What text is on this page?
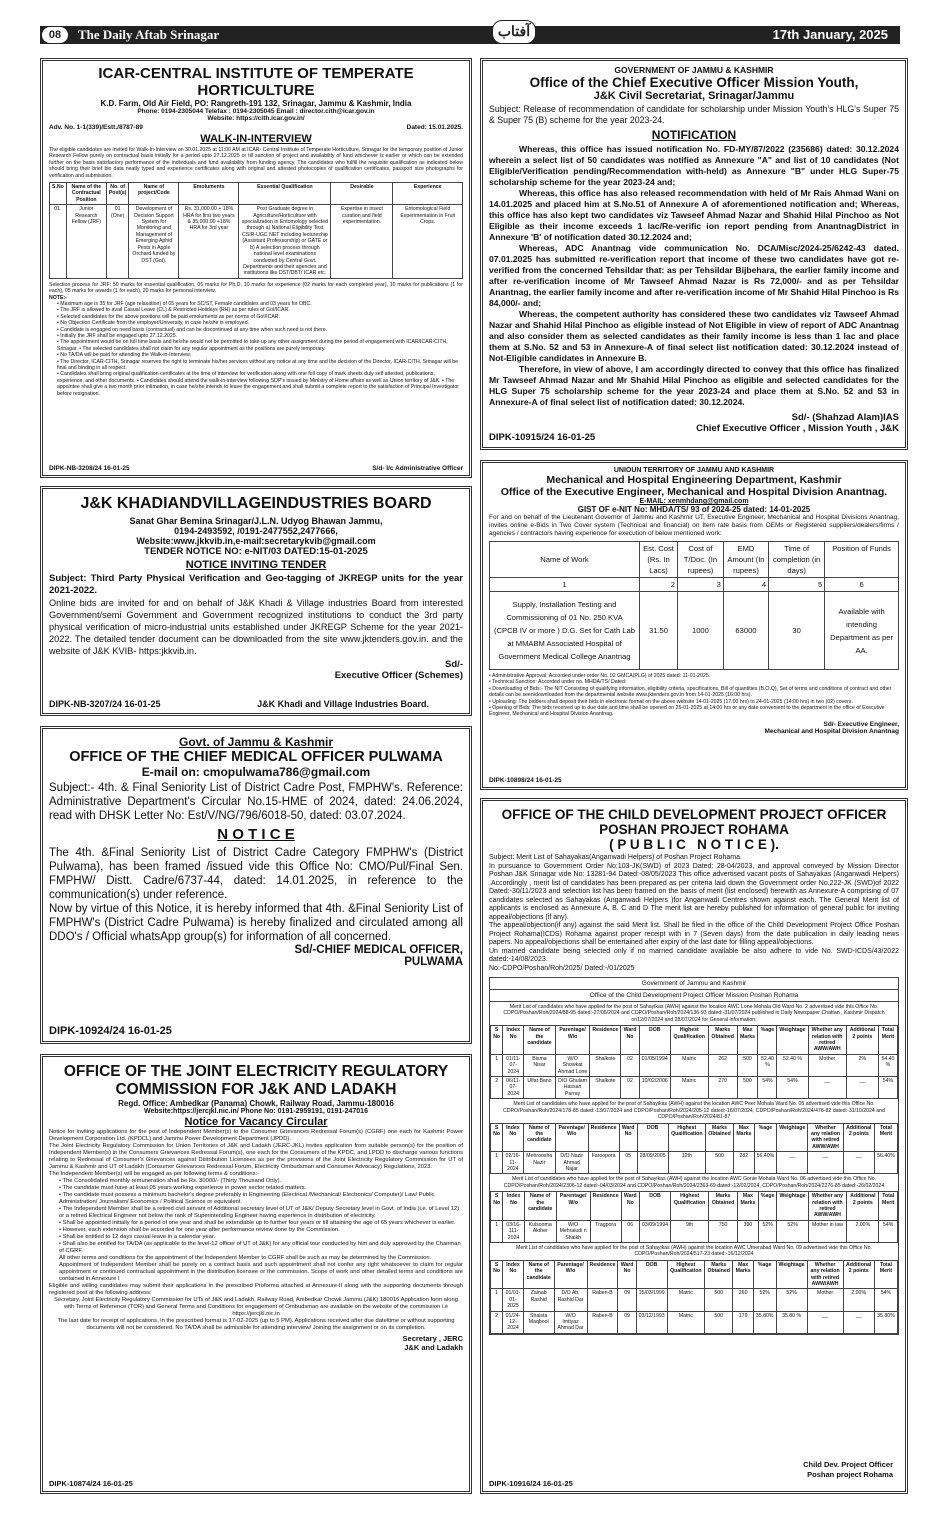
08	The Daily Aftab Srinagar	آفتاب	17th January, 2025
ICAR-CENTRAL INSTITUTE OF TEMPERATE HORTICULTURE
K.D. Farm, Old Air Field, PO: Rangreth-191 132, Srinagar, Jammu & Kashmir, India
Phone: 0194-2305044 Telefax : 0194-2305045 Email : director.cith@icar.gov.in
Website: https://cith.icar.gov.in/
Adv. No. 1-1(339)/Estt./8787-89	Dated: 15.01.2025.
WALK-IN-INTERVIEW
The eligible candidates are invited for Walk-In-Interview on 30.01.2025 at 11:00 AM at ICAR- Central Institute of Temperate Horticulture, Srinagar for the temporary position of Junior Research Fellow purely on contractual basis initially for a period upto 27.12.2025 or till sanction of project and availability of fund whichever is earlier or which can be extended further on the basis satisfactory performance of the individuals and fund availability from funding agency. The candidates who fulfill the requisite qualification as indicated below should bring their brief bio data neatly typed and experience certificates along with original and attested photocopies of qualification certificates, passport size photographs for verification and submission.
S.No	Name of the Contractual Position	No. of Post(s)	Name of project/Code	Emoluments	Essential Qualification	Desirable	Experience
01.	Junior Research Fellow (JRF)	01 (One)	Development of Decision Support System for Monitoring and Management of Emerging Aphid Pests in Apple Orchard funded by DST (GoI).	Rs. 31,000.00 + 18% HRA for first two years & 35,000.00 +18% HRA for 3rd year	Post Graduate degree in Agriculture/Horticulture with specialization in Entomology selected through a) National Eligibility Test CSIR-UGC NET including lectureship (Assistant Professorship) or GATE or b) A selection process through national level examinations conducted by Central Govt. Departments and their agencies and institutions like DST/DBT/ ICAR etc.	Expertise in insect curation and field experimentation.	Entomological Field Experimentation in Fruit Crops.
Selection process for JRF: 50 marks for essential qualification, 05 marks for Ph.D, 10 marks for experience (02 marks for each completed year), 10 marks for publications (1 for each), 05 marks for awards (1 for each), 20 marks for personal interview.
NOTE:-
• Maximum age is 35 for JRF (age relaxation) of 05 years for SC/ST, Female candidates and 03 years for OBC.
• The JRF is allowed to avail Casual Leave (CL) & Restricted Holidays (RH) as per rules of GoI/ICAR.
• Selected candidates for the above positions will be paid emoluments as per norms of GoI/ICAR.
• No Objection Certificate from the employer/University, in case he/she is employed.
• Candidate is engaged on need basis (contractual) and can be discontinued at any time when such need is not there.
• Initially the JRF shall be engaged upto 27.12.2025.
• The appointment would be on full time basis and he/she would not be permitted to take up any other assignment during the period of engagement with ICAR/ICAR-CITH, Srinagar. • The selected candidates shall not claim for any regular appointment as the positions are purely temporary.
• No TA/DA will be paid for attending the Walk-in-Interview.
• The Director, ICAR-CITH, Srinagar reserves the right to terminate his/her services without any notice at any time and the decision of the Director, ICAR-CITH, Srinagar will be final and binding in all respect.
• Candidates shall bring original qualification certificates at the time of interview for verification along with one full copy of mark sheets duly self attested, publications, experience, and other documents. • Candidates should attend the walk-in-interview following SOP's issued by Ministry of Home affairs as well as Union territory of J&K. • The appointee shall give a two month prior intimation, in case he/she intends to leave the engagement and shall submit a complete report to the satisfaction of Principal Investigator before resignation.
DIPK-NB-3208/24 16-01-25	S/d- I/c Administrative Officer
J&K KHADIANDVILLAGEINDUSTRIES BOARD
Sanat Ghar Bemina Srinagar/J.L.N. Udyog Bhawan Jammu,
0194-2493592, /0191-2477552,2477666,
Website:www.jkkvib.in,e-mail:secretarykvib@gmail.com
TENDER NOTICE NO: e-NIT/03 DATED:15-01-2025
NOTICE INVITING TENDER
Subject: Third Party Physical Verification and Geo-tagging of JKREGP units for the year 2021-2022.
Online bids are invited for and on behalf of J&K Khadi & Village industries Board from interested Government/semi Government and Government recognized institutions to conduct the 3rd party physical verification of micro-industrial units established under JKREGP Scheme for the year 2021-2022. The detailed tender document can be downloaded from the site www.jktenders.gov.in. and the website of J&K KVIB- https:jkkvib.in.
Sd/-
Executive Officer (Schemes)
DIPK-NB-3207/24 16-01-25	J&K Khadi and Village Industries Board.
Govt. of Jammu & Kashmir
OFFICE OF THE CHIEF MEDICAL OFFICER PULWAMA
E-mail on: cmopulwama786@gmail.com
Subject:- 4th. & Final Seniority List of District Cadre Post, FMPHW's. Reference: Administrative Department's Circular No.15-HME of 2024, dated: 24.06.2024, read with DHSK Letter No: Est/V/NG/796/6018-50, dated: 03.07.2024.
N O T I C E
The 4th. &Final Seniority List of District Cadre Category FMPHW's (District Pulwama), has been framed /issued vide this Office No: CMO/Pul/Final Sen. FMPHW/ Distt. Cadre/6737-44, dated: 14.01.2025, in reference to the communication(s) under reference.
Now by virtue of this Notice, it is hereby informed that 4th. &Final Seniority List of FMPHW's (District Cadre Pulwama) is hereby finalized and circulated among all DDO's / Official whatsApp group(s) for information of all concerned.
Sd/-CHIEF MEDICAL OFFICER,
PULWAMA
DIPK-10924/24 16-01-25
OFFICE OF THE JOINT ELECTRICITY REGULATORY
COMMISSION FOR J&K AND LADAKH
Regd. Office: Ambedkar (Panama) Chowk, Railway Road, Jammu-180016
Website:https://jercjkl.nic.in/ Phone No: 0191-2959191, 0191-247016
Notice for Vacancy Circular
Notice for inviting applications for the post of Independent Member(s) to the Consumer Grievances Redressal Forum(s) (CGRF) one each for Kashmir Power Development Corporation Ltd. (KPDCL) and Jammu Power Development Department (JPDD).
The Joint Electricity Regulatory Commission for Union Territories of J&K and Ladakh (JERC-JKL) invites application from suitable person(s) for the position of Independent Member(s) in the Consumers Grievances Redressal Forum(s), one each for the Consumers of the KPDC, and LPDD to discharge various functions relating to Redressal of Consumer's Grievances against Distribution Licensees as per the provisions of the Joint Electricity Regulatory Commission for UT of Jammu & Kashmir and UT of Ladakh (Consumer Grievances Redressal Forum, Electricity Ombudsman and Consumer Advocacy) Regulations, 2023.
The Independent Member(s) will be engaged as per following terms & conditions:-
• The Consolidated monthly remuneration shall be Rs. 30000/- (Thirty Thousand Only).
• The candidate must have at least 05 years working experience in power sector related matters.
• The candidate must possess a minimum bachelor's degree preferably in Engineering (Electrical /Mechanical/ Electronics/ Computer)/ Law/ Public Administration/ Journalism/ Economics / Political Science or equivalent.
• The Independent Member shall be a retired civil servant of Additional secretary level of UT of J&K/ Deputy Secretary level in Govt. of India (i.e. of Level 12) or a retired Electrical Engineer not below the rank of Superintending Engineer having experience in distribution of electricity.
• Shall be appointed initially for a period of one year and shall be extendable up to further four years or till attaining the age of 65 years whichever is earlier.
• However, each extension shall be accorded for one year after performance review done by the Commission.
• Shall be entitled to 12 days casual leave in a calendar year.
• Shall also be entitled for TA/DA (as applicable to the level-12 officer of UT of J&K) for any official tour conducted by him and duly approved by the Chairman of CGRF.
All other terms and conditions for the appointment of the Independent Member to CGRF shall be such as may be determined by the Commission.
Appointment of Independent Member shall be purely on a contract basis and such appointment shall not confer any right whatsoever to claim for regular appointment or continued contractual appointment in the distribution licensee or the commission. Scope of work and other detailed terms and conditions are contained in Annexure I
Eligible and willing candidates may submit their applications in the prescribed Proforma attached at Annexure-II along with the supporting documents through registered post at the following address:
Secretary, Joint Electricity Regulatory Commission for UTs of J&K and Ladakh, Railway Road, Ambedkar Chowk Jammu (J&K) 180016 Application form along with Terms of Reference (TOR) and General Terms and Conditions for engagement of Ombudsman are available on the website of the commission i.e https://jercjkl.nic.in
The last date for receipt of applications, in the prescribed format is 17-02-2025 (up to 5 PM). Applications received after due dateltime or without supporting documents will not be considered. No TA/DA shall be admissible for attending interview/ Joining the assignment or on its completion.
Secretary , JERC
J&K and Ladakh
DIPK-10874/24 16-01-25
GOVERNMENT OF JAMMU & KASHMIR
Office of the Chief Executive Officer Mission Youth,
J&K Civil Secretariat, Srinagar/Jammu
Subject: Release of recommendation of candidate for scholarship under Mission Youth's HLG's Super 75 & Super 75 (B) scheme for the year 2023-24.
NOTIFICATION
Whereas, this office has issued notification No. FD-MY/87/2022 (235686) dated: 30.12.2024 wherein a select list of 50 candidates was notified as Annexure "A" and list of 10 candidates (Not Eligible/Verification pending/Recommendation with-held) as Annexure "B" under HLG Super-75 scholarship scheme for the year 2023-24 and;
Whereas, this office has also released recommendation with held of Mr Rais Ahmad Wani on 14.01.2025 and placed him at S.No.51 of Annexure A of aforementioned notification and; Whereas, this office has also kept two candidates viz Tawseef Ahmad Nazar and Shahid Hilal Pinchoo as Not Eligible as their income exceeds 1 lac/Re-verific ion report pending from AnantnagDistrict in Annexure 'B' of notification dated 30.12.2024 and;
Whereas, ADC Anantnag vide communication No. DCA/Misc/2024-25/6242-43 dated. 07.01.2025 has submitted re-verification report that income of these two candidates have got re-verified from the concerned Tehsildar that: as per Tehsildar Bijbehara, the earlier family income and after re-verification income of Mr Tawseef Ahmad Nazar is Rs 72,000/- and as per Tehsildar Anantnag, the earlier family income and after re-verification income of Mr Shahid Hilal Pinchoo is Rs 84,000/- and;
Whereas, the competent authority has considered these two candidates viz Tawseef Ahmad Nazar and Shahid Hilal Pinchoo as eligible instead of Not Eligible in view of report of ADC Anantnag and also consider them as selected candidates as their family income is less than 1 lac and place them at S.No. 52 and 53 in Annexure-A of final select list notification dated: 30.12.2024 instead of Not-Eligible candidates in Annexure B.
Therefore, in view of above, I am accordingly directed to convey that this office has finalized Mr Tawseef Ahmad Nazar and Mr Shahid Hilal Pinchoo as eligible and selected candidates for the HLG Super 75 scholarship scheme for the year 2023-24 and place them at S.No. 52 and 53 in Annexure-A of final select list of notification dated: 30.12.2024.
Sd/- (Shahzad Alam)IAS
Chief Executive Officer , Mission Youth , J&K
DIPK-10915/24 16-01-25
UNIOUN TERRITORY OF JAMMU AND KASHMIR
Mechanical and Hospital Engineering Department, Kashmir
Office of the Executive Engineer, Mechanical and Hospital Division Anantnag.
E-MAIL: xenmhdang@gmail.com
GIST OF e-NIT No: MHDA/TS/ 93 of 2024-25 dated: 14-01-2025
For and on behalf of the Lieutenant Governor of Jammu and Kashmir UT, Executive Engineer, Mechanical and Hospital Divisions Anantnag, invites online e-Bids in Two Cover system (Technical and financial) on Item rate basis from OEMs or Registered suppliers/dealers/firms / agencies / contractors having experience for execution of below mentioned work:
Name of Work	Est. Cost (Rs. In Lacs)	Cost of T/Doc. (In rupees)	EMD Amount (In rupees)	Time of completion (in days)	Position of Funds
1	2	3	4	5	6
Supply, Installation Testing and Commissioning of 01 No. 250 KVA (CPCB IV or more ) D.G. Set for Cath Lab at MMABM Associated Hospital of Government Medical College Anantnag	31.50	1000	63000	30	Available with intending Department as per AA.
• Administrative Approval: Accorded under order No. 02 GMCA(PLG) of 2025 dated: 11-01-2025.
• Technical Sanction: Accorded under no. MHDA/TS/ Dated:
• Downloading of Bids:- The NIT Consisting of qualifying information, eligibility criteria, specifications, Bill of quantities (B.O.Q), Set of terms and conditions of contract and other details can be seen/downloaded from the departmental website www.jktenders.gov.in from 14-01-2025 (16:00 hrs).
• Uploading: The bidders shall deposit their bids in electronic format on the above website 14-01-2025 (17:00 hrs) to 24-01-2025 (14:00 hrs) in two (02) covers.
• Opening of Bids: The bids received up to due date and time shall be opened on 25-01-2025 at 14:00 hrs or any date convenient to the department in the office of Executive Engineer, Mechanical and Hospital Division Anantnag.
Sd/- Executive Engineer,
Mechanical and Hospital Division Anantnag
DIPK-10898/24 16-01-25
OFFICE OF THE CHILD DEVELOPMENT PROJECT OFFICER
POSHAN PROJECT ROHAMA
( P U B L I C   N O T I C E ).
Subject: Merit List of Sahayakas(Anganwadi Helpers) of Poshan Project Rohama.
In pursuance to Government Order No:103-JK(SWD) of 2023 Dated: 28-04/2023, and approval conveyed by Mission Director Poshan J&K Srinagar vide No: 13281-94 Dated:-08/05/2023 This office advertised vacant posts of Sahayakas (Anganwadi Helpers) .Accordingly , merit list of candidates has been prepared as per criteria laid down the Government order No.222-JK (SWD)of 2022 Dated:-30/11/2023 and selection list has been framed on the basis of merit (list enclosed) herewith as Annexure-A comprising of 07 candidates selected as Sahayakas (Anganwadi Helpers )for Anganwadi Centres shown against each. The General Merit list of applicants is enclosed as Annexure A, B. C and D The merit list are hereby published for information of general public for inviting appeal/objections (if any).
The appeal/objection(if any) against the said Merit list. Shall be filed in the office of the Child Development Project Office Poshan Project Rohama(ICDS) Rohama against proper receipt with in 7 (Seven days) from the date publication in daily leading news papers. No appeal/objections shall be entertained after expiry of the last date for filling appeal/objections.
Un married candidate being selected only if no married candidate available be also adhere to vide No. SWD-ICDS/43/2022 dated:-14/08/2023.
No:-CDPO/Poshan/Roh/2025/ Dated:-/01/2025
Government of Jammu and Kashmir
Office of the Child Development Project Officer Mission Poshan Rohama
Merit List of candidates who have applied for the post of Sahayikas (AWH) against the location AWC Lone Mohala Old Ward No. 2 advertised vide this Office No. CDPO/Poshan/Roh/2024/88-95 dated:-27/06/2024 and CDPO/Poshan/Roh/2024/136-93 dated:-31/07/2024 published in Daily Newspaper Chattan , Kashmir Dispatch on12/07/2024 and 28/07/2024 for General information.
S No	Index No	Name of the candidate	Parentage/ W/o	Residence	Ward No	DOB	Highest Qualification	Marks Obtained	Max Marks	%age	Weightage	Whether any relation with retired AWW/AWH	Additional 2 points	Total Merit
1	01/11-07-2024	Bisma Nisar	W/O Showkat Ahmad Lone	Shalkote	02	01/05/1994	Matric	262	500	52.40 %	52.40 %	Mother	2%	54.40 %
2	06/11-07-2024	Ulfat Bano	D/O Ghulam Hassan Parray	Shalkote	02	10/02/2006	Matric	270	500	54%	54%	__	__	54%
Merit List of candidates who have applied for the post of Sahayikas (AWH) against the location AWC Peer Mohala Ward No. 05 advertised vide this Office No. CDPO/Poshan/Roh/2024/178-85 dated:-13/07/2024 and CDPO/Poshan/Roh/2024/205-12 dated:-16/07/2024, CDPO/Poshan/Roh/2024/476-82 dated:-31/10/2024 and CDPO/Poshan/Roh/2024/81-87
S No	Index No	Name of the candidate	Parentage/ W/o	Residence	Ward No	DOB	Highest Qualification	Marks Obtained	Max Marks	%age	Weightage	Whether any relation with retired AWW/AWH	Additional 2 points	Total Merit
1	02/16-11-2024	Mehroosha Nazir	D/O Nazir Ahmad Najar	Faroopora	05	28/09/2005	12th	500	282	56.40%	__	__	__	56.40%
Merit List of candidates who have applied for the post of Sahayikas (AWH) against the location AWC Gonie Mohala Ward No. 06 advertised vide this Office No. CDPO/Poshan/Roh/2024/2306-12 dated:-04/03/2024 and CDPO/Poshan/Roh/2024/2363-69 dated:-12/02/2024, CDPO/Poshan/Roh/2024/2276-85 dated:-26/02/2024
S No	Index No	Name of the candidate	Parentage/ W/o	Residence	Ward No	DOB	Highest Qualification	Marks Obtained	Max Marks	%age	Weightage	Whether any relation with retired AWW/AWH	Additional 2 points	Total Merit
1	03/16-111-2024	Kulsooma Akther	W/O Mehraiudi n Shaikh	Tragpora	06	03/09/1994	9th	750	390	52%	52%	Mother in law	2.00%	54%
Merit List of candidates who have applied for the post of Sahayikas (AWH) against the location AWC Umerabad Ward No. 09 advertised vide this Office No. CDPO/Poshan/Roh/2024/517-23 dated:-16/12/2024
S No	Index No	Name of the candidate	Parentage/ W/o	Residence	Ward No	DOB	Highest Qualification	Marks Obtained	Max Marks	%age	Weightage	Whether any relation with retired AWW/AWH	Additional 2 points	Total Merit
1	01/01-01-2025	Zainab Rashid	D/O Ab. Rashid Dar	Raben-B	09	15/03/1999	Matric	500	260	52%	52%	Mother	2.00%	54%
2	01/24-12-2024	Shaista Maqbool	W/O Imtiyaz Ahmad Dar	Raben-B	09	03/12/1993	Matric	500	179	35.80%	35.80 %	__	__	35.80%
Child Dev. Project Officer
Poshan project Rohama
DIPK-10916/24 16-01-25
